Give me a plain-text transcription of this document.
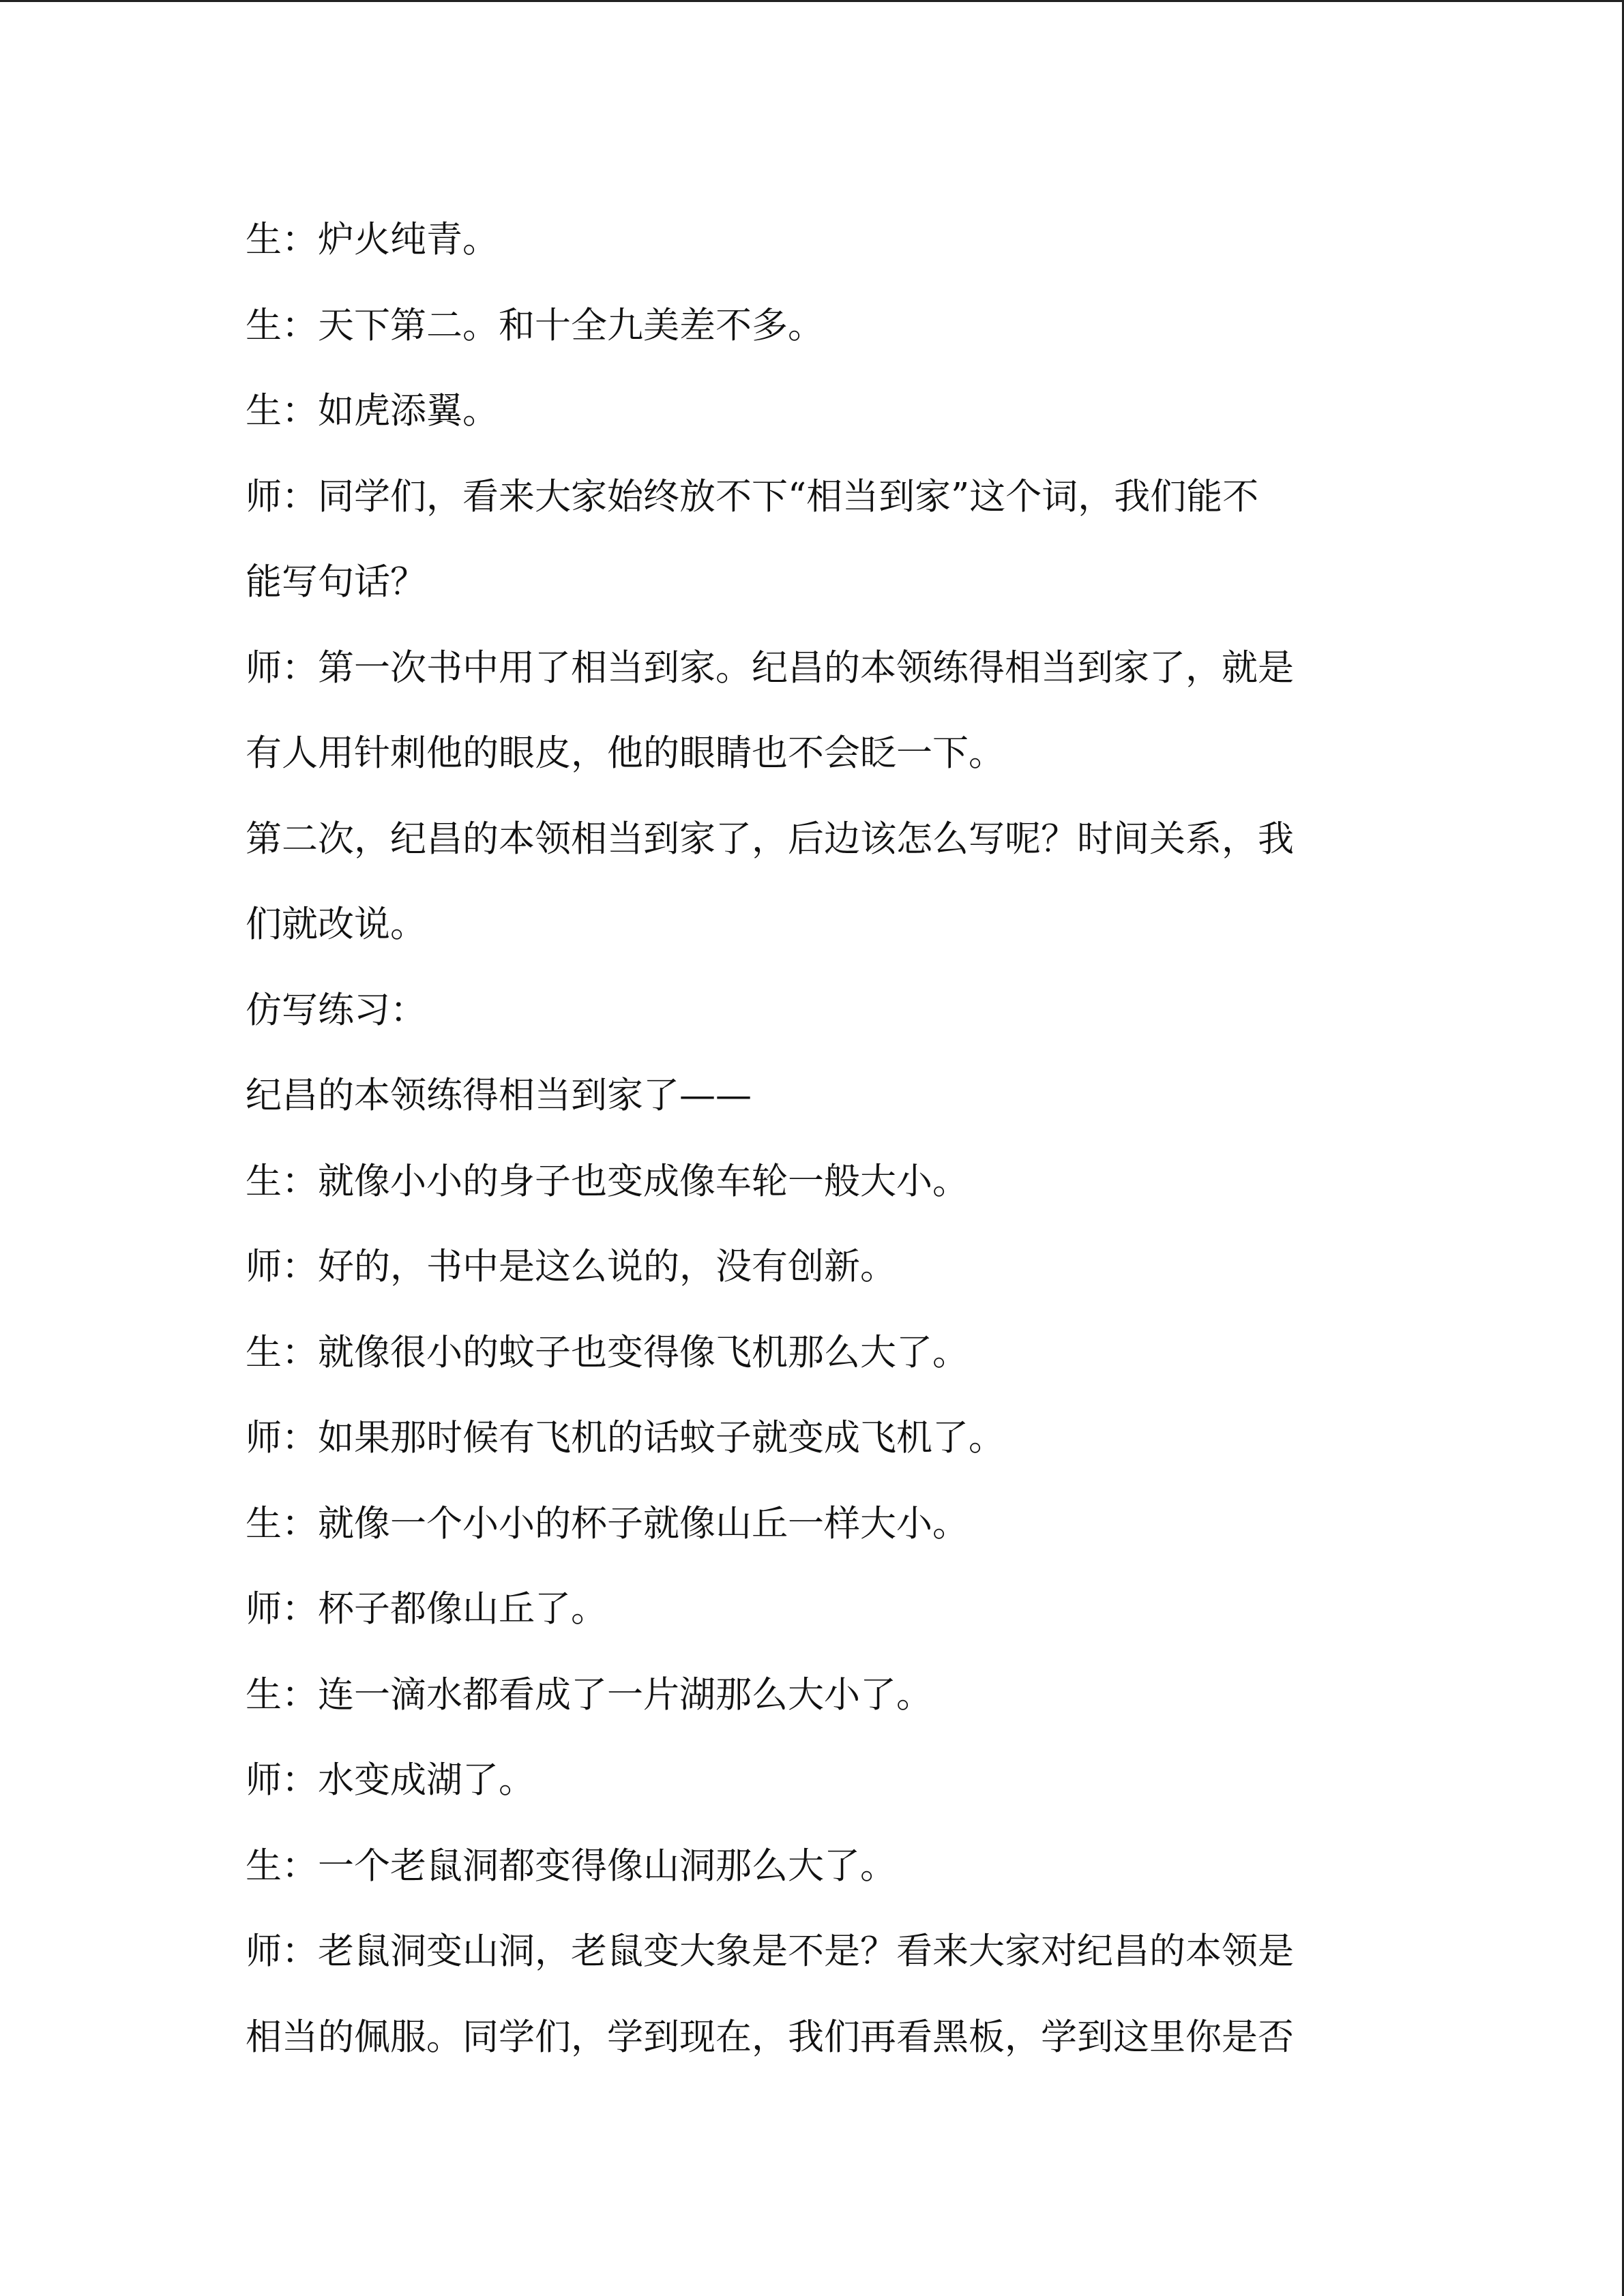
生：炉火纯青。
生：天下第二。和十全九美差不多。
生：如虎添翼。
师：同学们，看来大家始终放不下“相当到家”这个词，我们能不
能写句话？
师：第一次书中用了相当到家。纪昌的本领练得相当到家了，就是
有人用针刺他的眼皮，他的眼睛也不会眨一下。
第二次，纪昌的本领相当到家了，后边该怎么写呢？时间关系，我
们就改说。
仿写练习：
纪昌的本领练得相当到家了——
生：就像小小的身子也变成像车轮一般大小。
师：好的，书中是这么说的，没有创新。
生：就像很小的蚊子也变得像飞机那么大了。
师：如果那时候有飞机的话蚊子就变成飞机了。
生：就像一个小小的杯子就像山丘一样大小。
师：杯子都像山丘了。
生：连一滴水都看成了一片湖那么大小了。
师：水变成湖了。
生：一个老鼠洞都变得像山洞那么大了。
师：老鼠洞变山洞，老鼠变大象是不是？看来大家对纪昌的本领是
相当的佩服。同学们，学到现在，我们再看黑板，学到这里你是否
